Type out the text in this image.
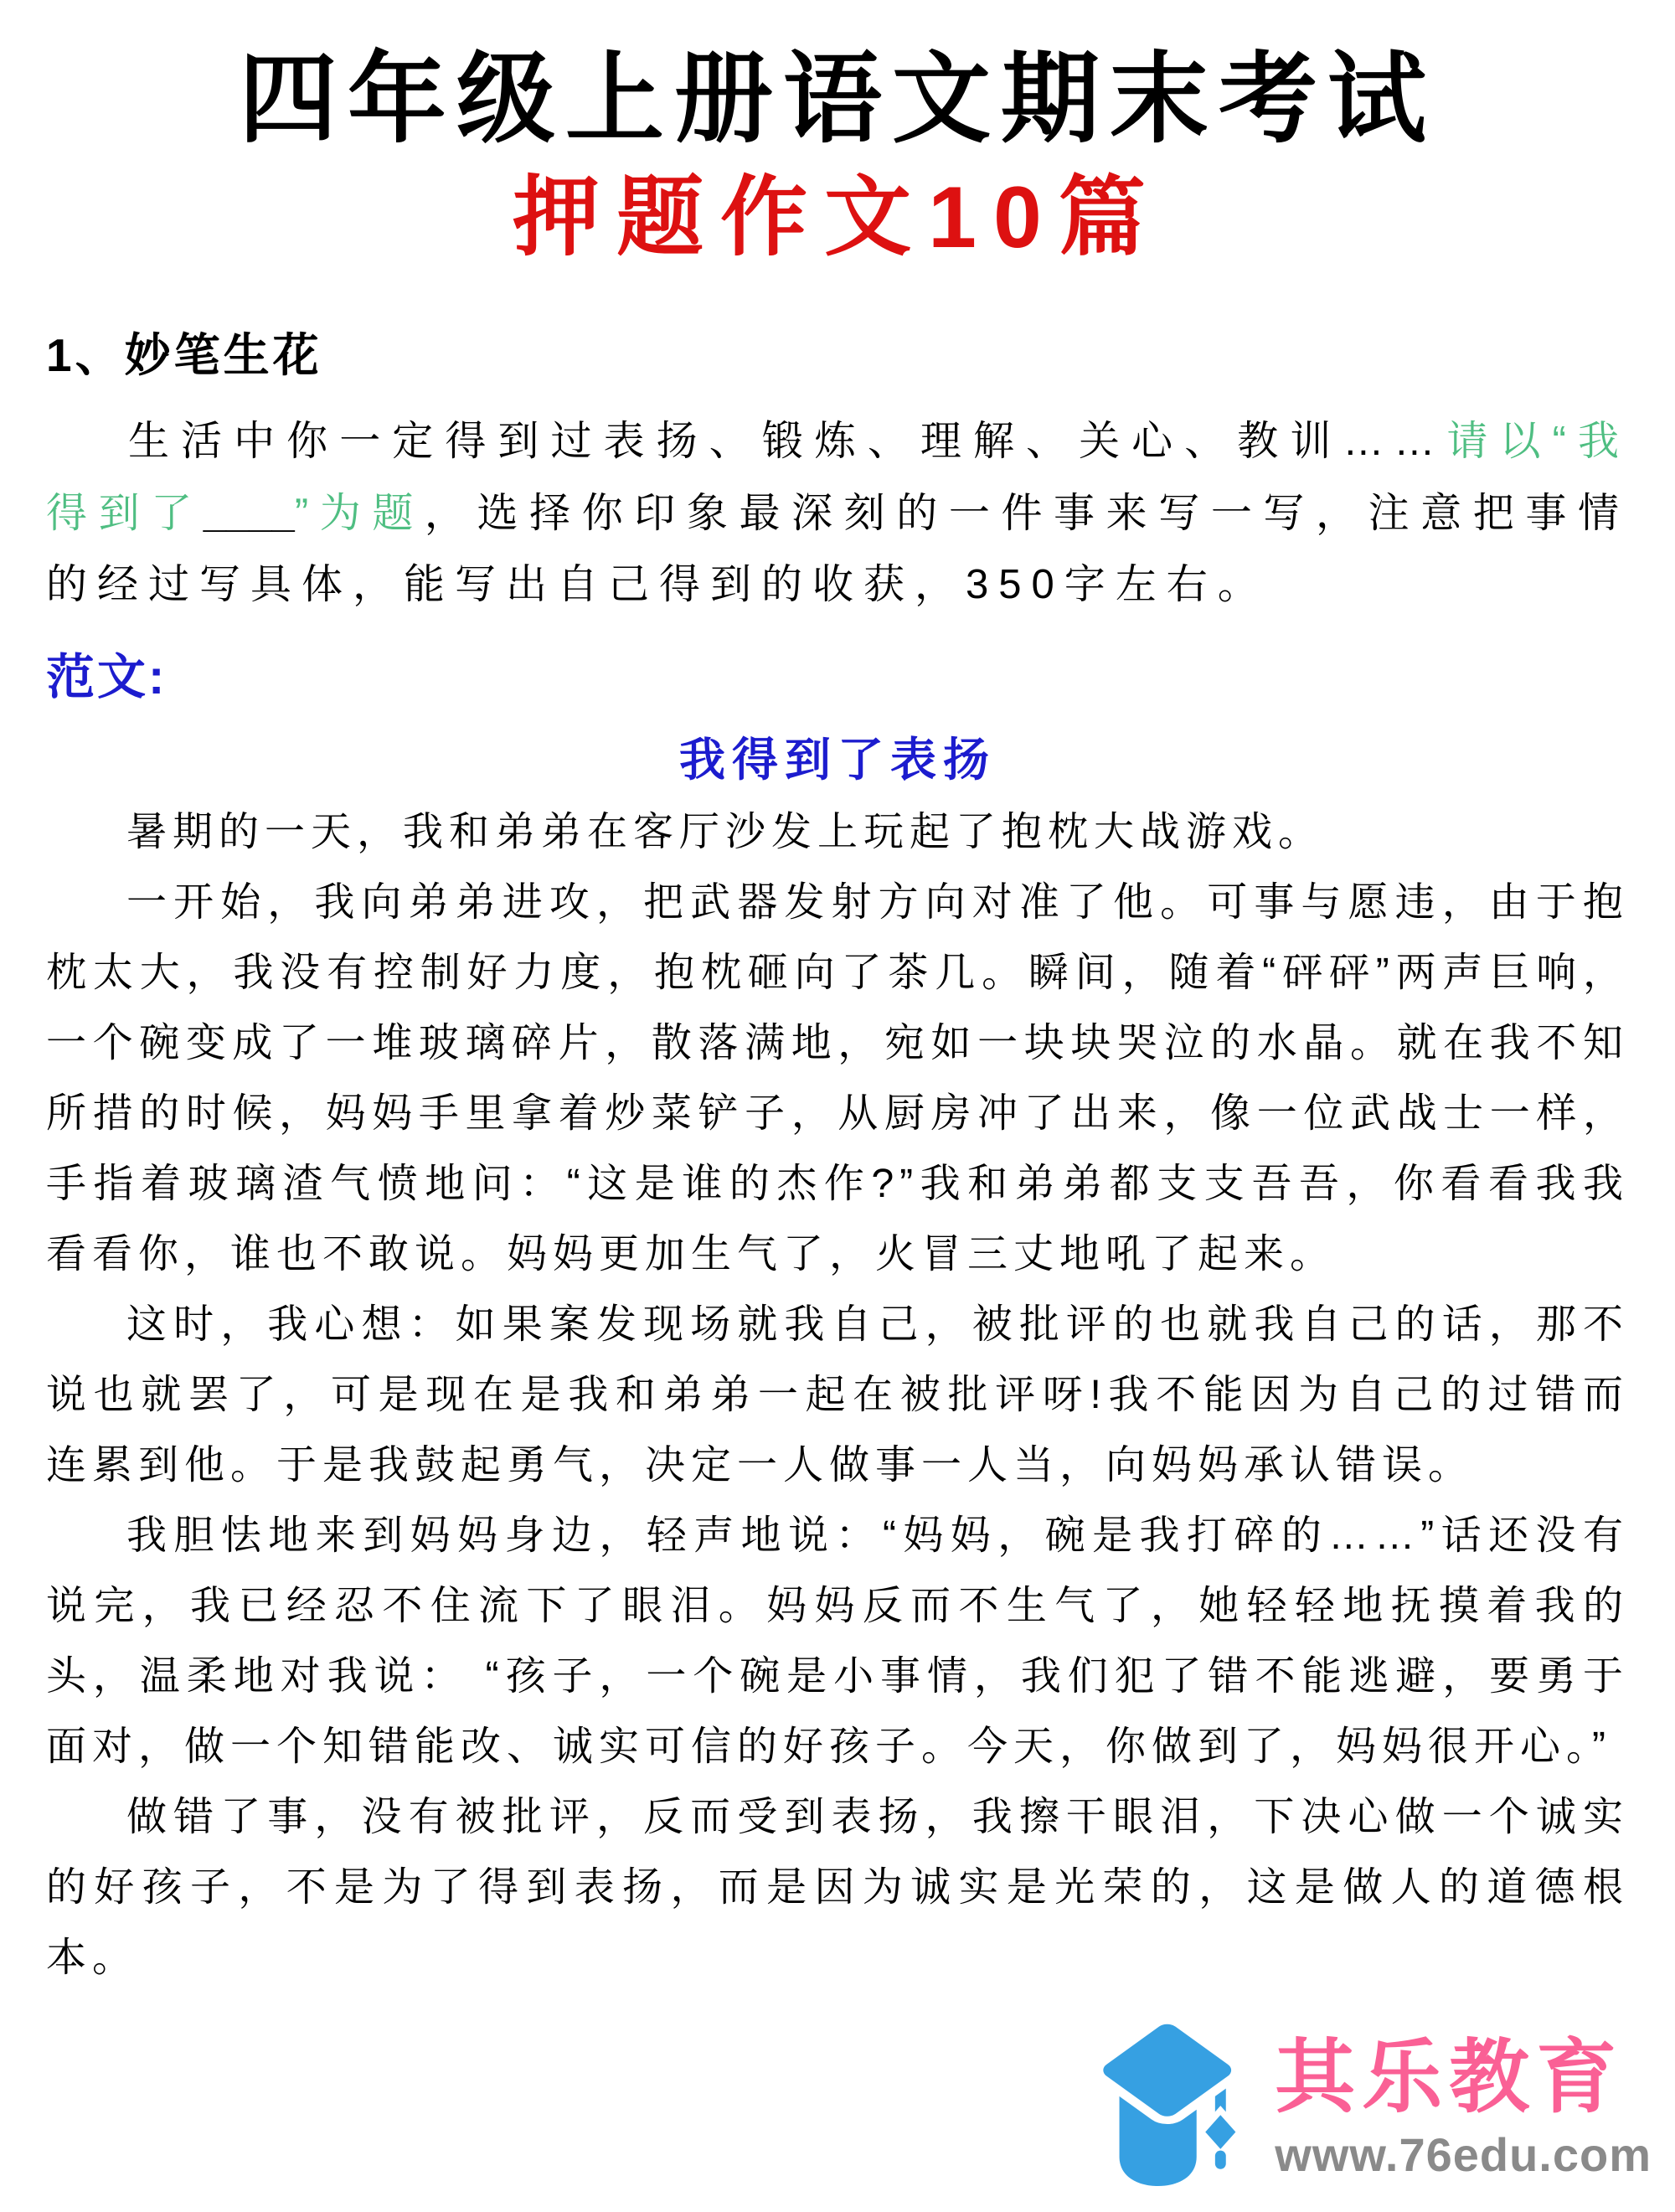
四年级上册语文期末考试
押题作文10篇
1、妙笔生花

生活中你一定得到过表扬、锻炼、理解、关心、教训……请以“我得到了____”为题，选择你印象最深刻的一件事来写一写，注意把事情的经过写具体，能写出自己得到的收获，350字左右。

范文:
我得到了表扬

暑期的一天，我和弟弟在客厅沙发上玩起了抱枕大战游戏。

一开始，我向弟弟进攻，把武器发射方向对准了他。可事与愿违，由于抱枕太大，我没有控制好力度，抱枕砸向了茶几。瞬间，随着“砰砰”两声巨响， 一个碗变成了一堆玻璃碎片，散落满地，宛如一块块哭泣的水晶。就在我不知所措的时候，妈妈手里拿着炒菜铲子，从厨房冲了出来，像一位武战士一样，手指着玻璃渣气愤地问：“这是谁的杰作?”我和弟弟都支支吾吾，你看看我我看看你，谁也不敢说。妈妈更加生气了，火冒三丈地吼了起来。

这时，我心想：如果案发现场就我自己，被批评的也就我自己的话，那不说也就罢了，可是现在是我和弟弟一起在被批评呀!我不能因为自己的过错而连累到他。于是我鼓起勇气，决定一人做事一人当，向妈妈承认错误。

我胆怯地来到妈妈身边，轻声地说：“妈妈，碗是我打碎的……”话还没有说完，我已经忍不住流下了眼泪。妈妈反而不生气了，她轻轻地抚摸着我的头，温柔地对我说： “孩子，一个碗是小事情，我们犯了错不能逃避，要勇于面对，做一个知错能改、诚实可信的好孩子。今天，你做到了，妈妈很开心。”

做错了事，没有被批评，反而受到表扬，我擦干眼泪，下决心做一个诚实的好孩子，不是为了得到表扬，而是因为诚实是光荣的，这是做人的道德根本。

其乐教育
www.76edu.com
